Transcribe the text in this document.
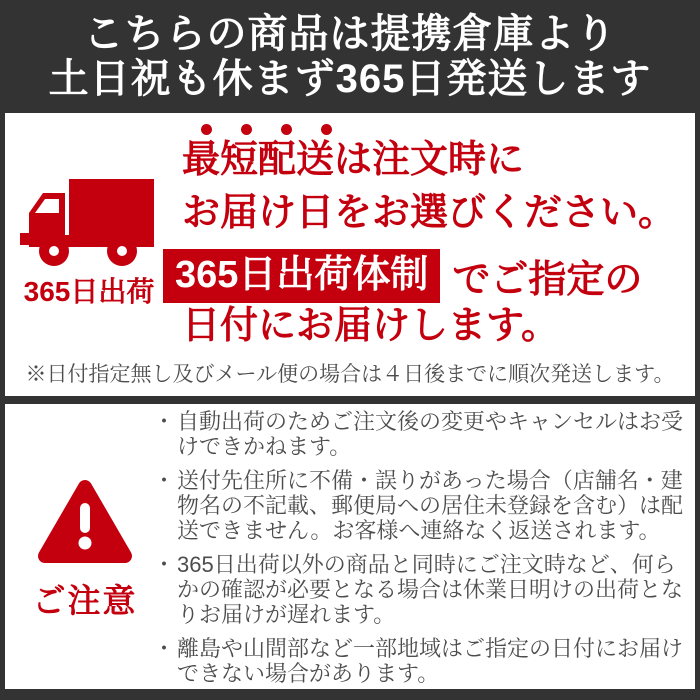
こちらの商品は提携倉庫より
土日祝も休まず365日発送します
365日出荷
最短配送は注文時に
お届け日をお選びください。
365日出荷体制 でご指定の
日付にお届けします。
※日付指定無し及びメール便の場合は４日後までに順次発送します。
ご注意
・ 自動出荷のためご注文後の変更やキャンセルはお受けできかねます。
・ 送付先住所に不備・誤りがあった場合（店舗名・建物名の不記載、郵便局への居住未登録を含む）は配送できません。お客様へ連絡なく返送されます。
・ 365日出荷以外の商品と同時にご注文時など、何らかの確認が必要となる場合は休業日明けの出荷となりお届けが遅れます。
・ 離島や山間部など一部地域はご指定の日付にお届けできない場合があります。
